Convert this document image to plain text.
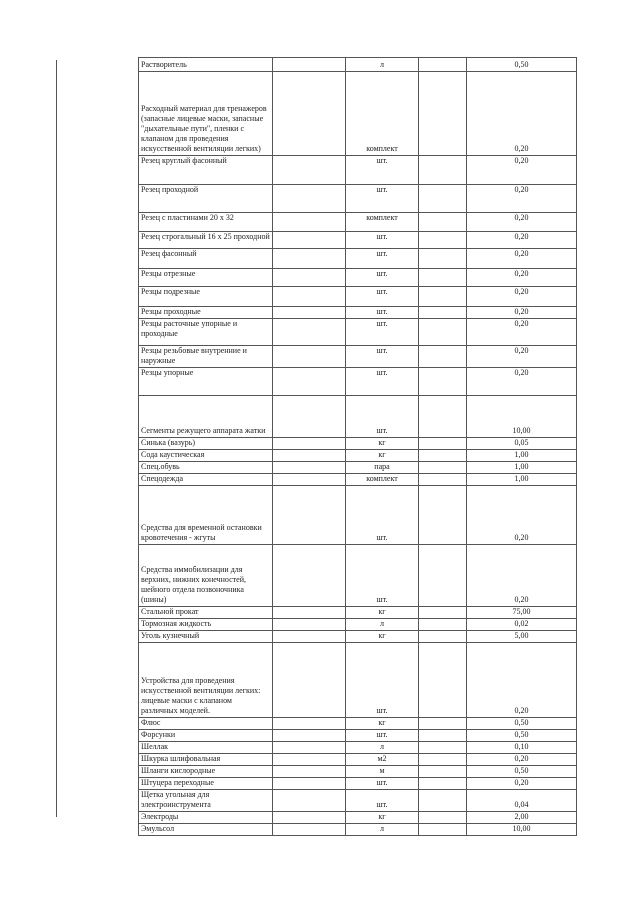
Растворитель		л		0,50
Расходный материал для тренажеров (запасные лицевые маски, запасные "дыхательные пути", пленки с клапаном для проведения искусственной вентиляции легких)		комплект		0,20
Резец круглый фасонный		шт.		0,20
Резец проходной		шт.		0,20
Резец с пластинами 20 х 32		комплект		0,20
Резец строгальный 16 х 25 проходной		шт.		0,20
Резец фасонный		шт.		0,20
Резцы отрезные		шт.		0,20
Резцы подрезные		шт.		0,20
Резцы проходные		шт.		0,20
Резцы расточные упорные и проходные		шт.		0,20
Резцы резьбовые внутренние и наружные		шт.		0,20
Резцы упорные		шт.		0,20
Сегменты режущего аппарата жатки		шт.		10,00
Синька (вазурь)		кг		0,05
Сода каустическая		кг		1,00
Спец.обувь		пара		1,00
Спецодежда		комплект		1,00
Средства для временной остановки кровотечения - жгуты		шт.		0,20
Средства иммобилизации для верхних, нижних конечностей, шейного отдела позвоночника (шины)		шт.		0,20
Стальной прокат		кг		75,00
Тормозная жидкость		л		0,02
Уголь кузнечный		кг		5,00
Устройства для проведения искусственной вентиляции легких: лицевые маски с клапаном различных моделей.		шт.		0,20
Флюс		кг		0,50
Форсунки		шт.		0,50
Шеллак		л		0,10
Шкурка шлифовальная		м2		0,20
Шланги кислородные		м		0,50
Штуцера переходные		шт.		0,20
Щетка угольная для электроинструмента		шт.		0,04
Электроды		кг		2,00
Эмульсол		л		10,00
